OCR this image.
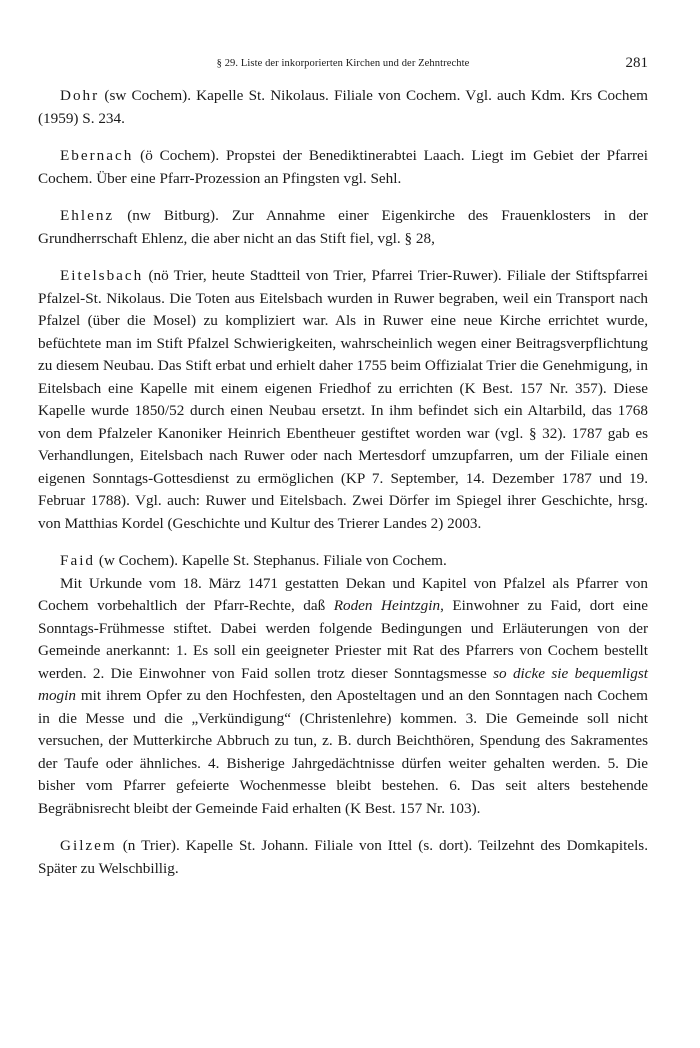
§ 29. Liste der inkorporierten Kirchen und der Zehntrechte	281

Dohr (sw Cochem). Kapelle St. Nikolaus. Filiale von Cochem. Vgl. auch Kdm. Krs Cochem (1959) S. 234.

Ebernach (ö Cochem). Propstei der Benediktinerabtei Laach. Liegt im Gebiet der Pfarrei Cochem. Über eine Pfarr-Prozession an Pfingsten vgl. Sehl.

Ehlenz (nw Bitburg). Zur Annahme einer Eigenkirche des Frauenklosters in der Grundherrschaft Ehlenz, die aber nicht an das Stift fiel, vgl. § 28,

Eitelsbach (nö Trier, heute Stadtteil von Trier, Pfarrei Trier-Ruwer). Filiale der Stiftspfarrei Pfalzel-St. Nikolaus. Die Toten aus Eitelsbach wurden in Ruwer begraben, weil ein Transport nach Pfalzel (über die Mosel) zu kompliziert war. Als in Ruwer eine neue Kirche errichtet wurde, befüchtete man im Stift Pfalzel Schwierigkeiten, wahrscheinlich wegen einer Beitragsverpflichtung zu diesem Neubau. Das Stift erbat und erhielt daher 1755 beim Offizialat Trier die Genehmigung, in Eitelsbach eine Kapelle mit einem eigenen Friedhof zu errichten (K Best. 157 Nr. 357). Diese Kapelle wurde 1850/52 durch einen Neubau ersetzt. In ihm befindet sich ein Altarbild, das 1768 von dem Pfalzeler Kanoniker Heinrich Ebentheuer gestiftet worden war (vgl. § 32). 1787 gab es Verhandlungen, Eitelsbach nach Ruwer oder nach Mertesdorf umzupfarren, um der Filiale einen eigenen Sonntags-Gottesdienst zu ermöglichen (KP 7. September, 14. Dezember 1787 und 19. Februar 1788). Vgl. auch: Ruwer und Eitelsbach. Zwei Dörfer im Spiegel ihrer Geschichte, hrsg. von Matthias Kordel (Geschichte und Kultur des Trierer Landes 2) 2003.

Faid (w Cochem). Kapelle St. Stephanus. Filiale von Cochem.

Mit Urkunde vom 18. März 1471 gestatten Dekan und Kapitel von Pfalzel als Pfarrer von Cochem vorbehaltlich der Pfarr-Rechte, daß Roden Heintzgin, Einwohner zu Faid, dort eine Sonntags-Frühmesse stiftet. Dabei werden folgende Bedingungen und Erläuterungen von der Gemeinde anerkannt: 1. Es soll ein geeigneter Priester mit Rat des Pfarrers von Cochem bestellt werden. 2. Die Einwohner von Faid sollen trotz dieser Sonntagsmesse so dicke sie bequemligst mogin mit ihrem Opfer zu den Hochfesten, den Aposteltagen und an den Sonntagen nach Cochem in die Messe und die „Verkündigung“ (Christenlehre) kommen. 3. Die Gemeinde soll nicht versuchen, der Mutterkirche Abbruch zu tun, z. B. durch Beichthören, Spendung des Sakramentes der Taufe oder ähnliches. 4. Bisherige Jahrgedächtnisse dürfen weiter gehalten werden. 5. Die bisher vom Pfarrer gefeierte Wochenmesse bleibt bestehen. 6. Das seit alters bestehende Begräbnisrecht bleibt der Gemeinde Faid erhalten (K Best. 157 Nr. 103).

Gilzem (n Trier). Kapelle St. Johann. Filiale von Ittel (s. dort). Teilzehnt des Domkapitels. Später zu Welschbillig.
